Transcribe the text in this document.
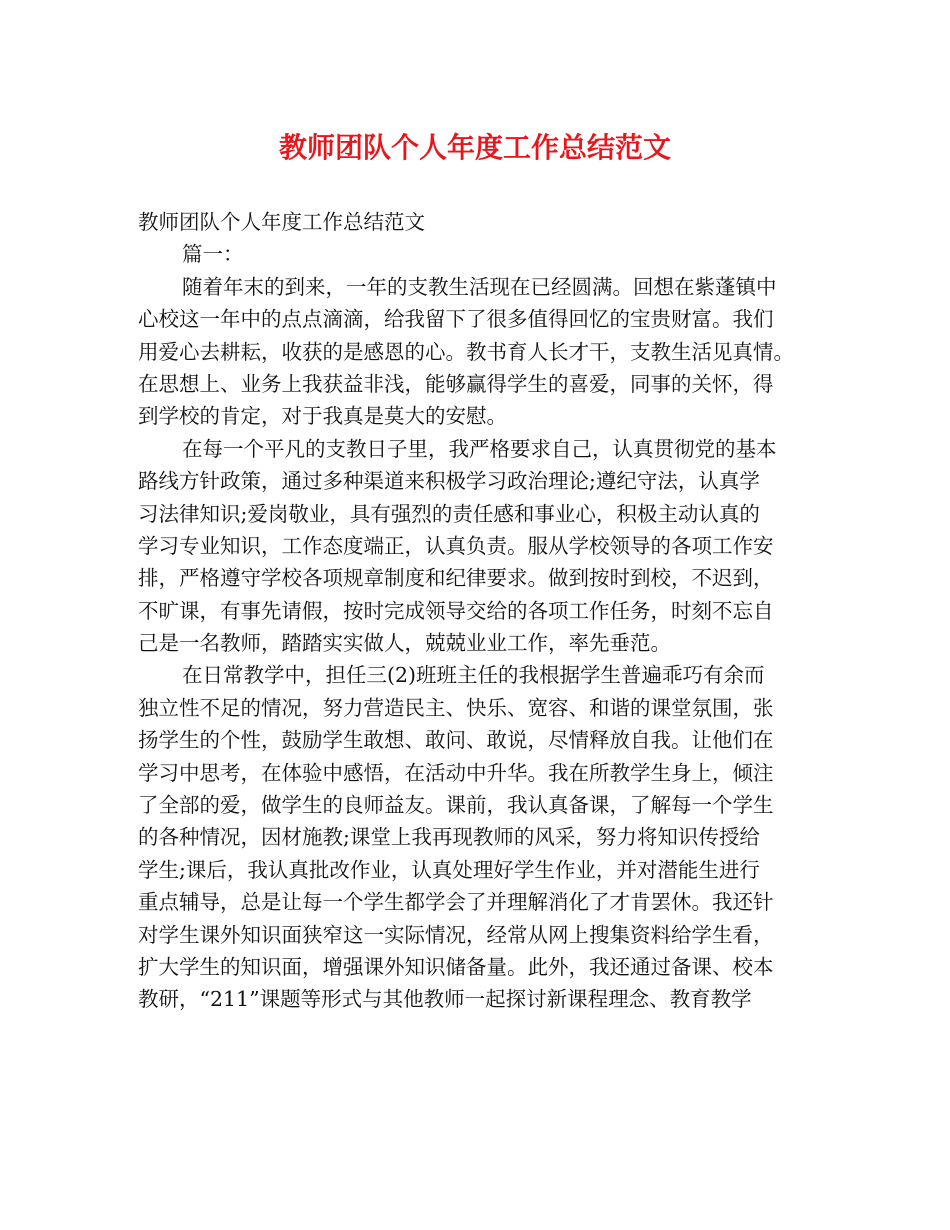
教师团队个人年度工作总结范文
教师团队个人年度工作总结范文
篇一：
随着年末的到来，一年的支教生活现在已经圆满。回想在紫蓬镇中
心校这一年中的点点滴滴，给我留下了很多值得回忆的宝贵财富。我们
用爱心去耕耘，收获的是感恩的心。教书育人长才干，支教生活见真情。
在思想上、业务上我获益非浅，能够赢得学生的喜爱，同事的关怀，得
到学校的肯定，对于我真是莫大的安慰。
在每一个平凡的支教日子里，我严格要求自己，认真贯彻党的基本
路线方针政策，通过多种渠道来积极学习政治理论;遵纪守法，认真学
习法律知识;爱岗敬业，具有强烈的责任感和事业心，积极主动认真的
学习专业知识，工作态度端正，认真负责。服从学校领导的各项工作安
排，严格遵守学校各项规章制度和纪律要求。做到按时到校，不迟到，
不旷课，有事先请假，按时完成领导交给的各项工作任务，时刻不忘自
己是一名教师，踏踏实实做人，兢兢业业工作，率先垂范。
在日常教学中，担任三(2)班班主任的我根据学生普遍乖巧有余而
独立性不足的情况，努力营造民主、快乐、宽容、和谐的课堂氛围，张
扬学生的个性，鼓励学生敢想、敢问、敢说，尽情释放自我。让他们在
学习中思考，在体验中感悟，在活动中升华。我在所教学生身上，倾注
了全部的爱，做学生的良师益友。课前，我认真备课，了解每一个学生
的各种情况，因材施教;课堂上我再现教师的风采，努力将知识传授给
学生;课后，我认真批改作业，认真处理好学生作业，并对潜能生进行
重点辅导，总是让每一个学生都学会了并理解消化了才肯罢休。我还针
对学生课外知识面狭窄这一实际情况，经常从网上搜集资料给学生看，
扩大学生的知识面，增强课外知识储备量。此外，我还通过备课、校本
教研，“211”课题等形式与其他教师一起探讨新课程理念、教育教学
